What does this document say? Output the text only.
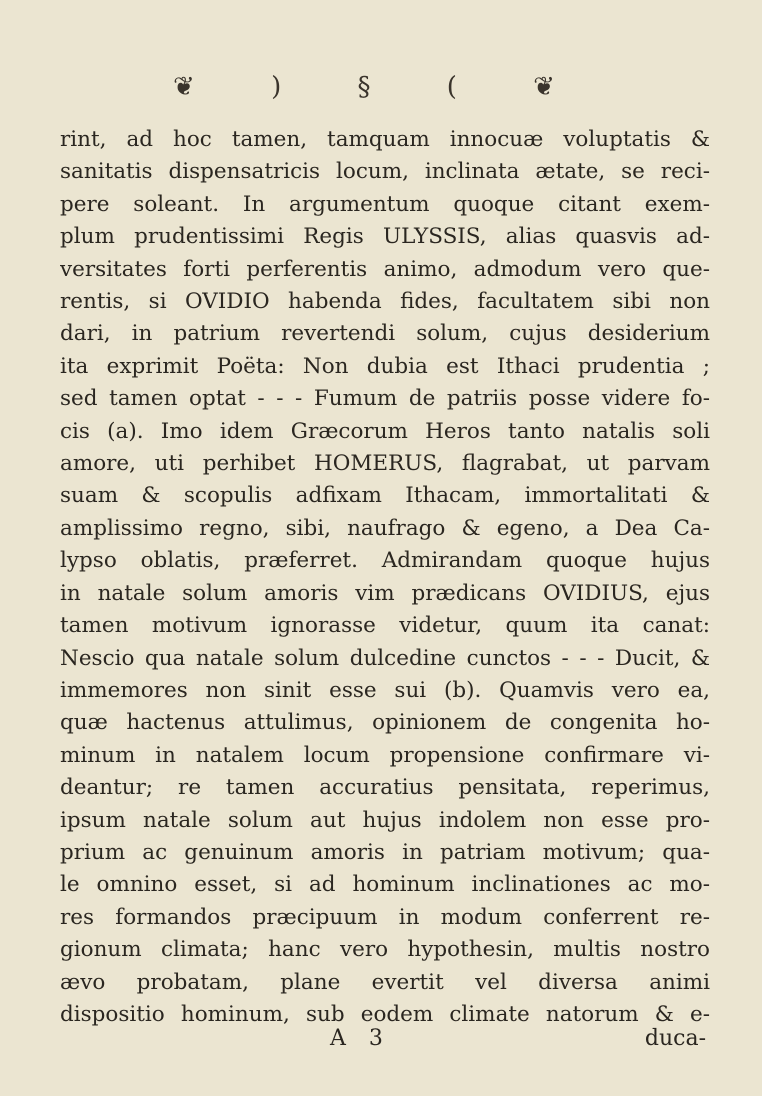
❦ ) § ( ❦
rint, ad hoc tamen, tamquam innocuæ voluptatis &
sanitatis dispensatricis locum, inclinata ætate, se reci-
pere soleant. In argumentum quoque citant exem-
plum prudentissimi Regis ULYSSIS, alias quasvis ad-
versitates forti perferentis animo, admodum vero que-
rentis, si OVIDIO habenda fides, facultatem sibi non
dari, in patrium revertendi solum, cujus desiderium
ita exprimit Poëta: Non dubia est Ithaci prudentia ;
sed tamen optat - - - Fumum de patriis posse videre fo-
cis (a). Imo idem Græcorum Heros tanto natalis soli
amore, uti perhibet HOMERUS, flagrabat, ut parvam
suam & scopulis adfixam Ithacam, immortalitati &
amplissimo regno, sibi, naufrago & egeno, a Dea Ca-
lypso oblatis, præferret. Admirandam quoque hujus
in natale solum amoris vim prædicans OVIDIUS, ejus
tamen motivum ignorasse videtur, quum ita canat:
Nescio qua natale solum dulcedine cunctos - - - Ducit, &
immemores non sinit esse sui (b). Quamvis vero ea,
quæ hactenus attulimus, opinionem de congenita ho-
minum in natalem locum propensione confirmare vi-
deantur; re tamen accuratius pensitata, reperimus,
ipsum natale solum aut hujus indolem non esse pro-
prium ac genuinum amoris in patriam motivum; qua-
le omnino esset, si ad hominum inclinationes ac mo-
res formandos præcipuum in modum conferrent re-
gionum climata; hanc vero hypothesin, multis nostro
ævo probatam, plane evertit vel diversa animi
dispositio hominum, sub eodem climate natorum & e-
A 3	duca-
